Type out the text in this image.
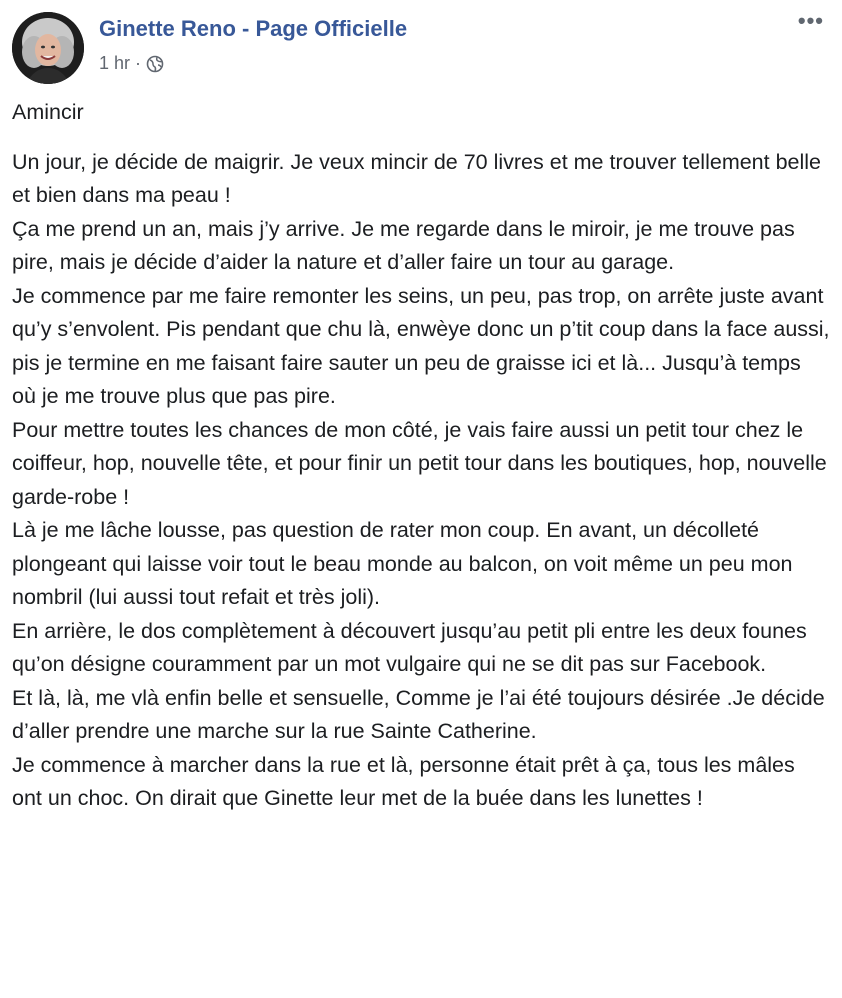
Ginette Reno - Page Officielle
1 hr ·
•••

Amincir

Un jour, je décide de maigrir. Je veux mincir de 70 livres et me trouver tellement belle et bien dans ma peau !

Ça me prend un an, mais j’y arrive. Je me regarde dans le miroir, je me trouve pas pire, mais je décide d’aider la nature et d’aller faire un tour au garage.

Je commence par me faire remonter les seins, un peu, pas trop, on arrête juste avant qu’y s’envolent. Pis pendant que chu là, enwèye donc un p’tit coup dans la face aussi, pis je termine en me faisant faire sauter un peu de graisse ici et là... Jusqu’à temps où je me trouve plus que pas pire.

Pour mettre toutes les chances de mon côté, je vais faire aussi un petit tour chez le coiffeur, hop, nouvelle tête, et pour finir un petit tour dans les boutiques, hop, nouvelle garde-robe !

Là je me lâche lousse, pas question de rater mon coup. En avant, un décolleté plongeant qui laisse voir tout le beau monde au balcon, on voit même un peu mon nombril (lui aussi tout refait et très joli).

En arrière, le dos complètement à découvert jusqu’au petit pli entre les deux founes qu’on désigne couramment par un mot vulgaire qui ne se dit pas sur Facebook.

Et là, là, me vlà enfin belle et sensuelle, Comme je l’ai été toujours désirée .Je décide d’aller prendre une marche sur la rue Sainte Catherine.

Je commence à marcher dans la rue et là, personne était prêt à ça, tous les mâles ont un choc. On dirait que Ginette leur met de la buée dans les lunettes !
